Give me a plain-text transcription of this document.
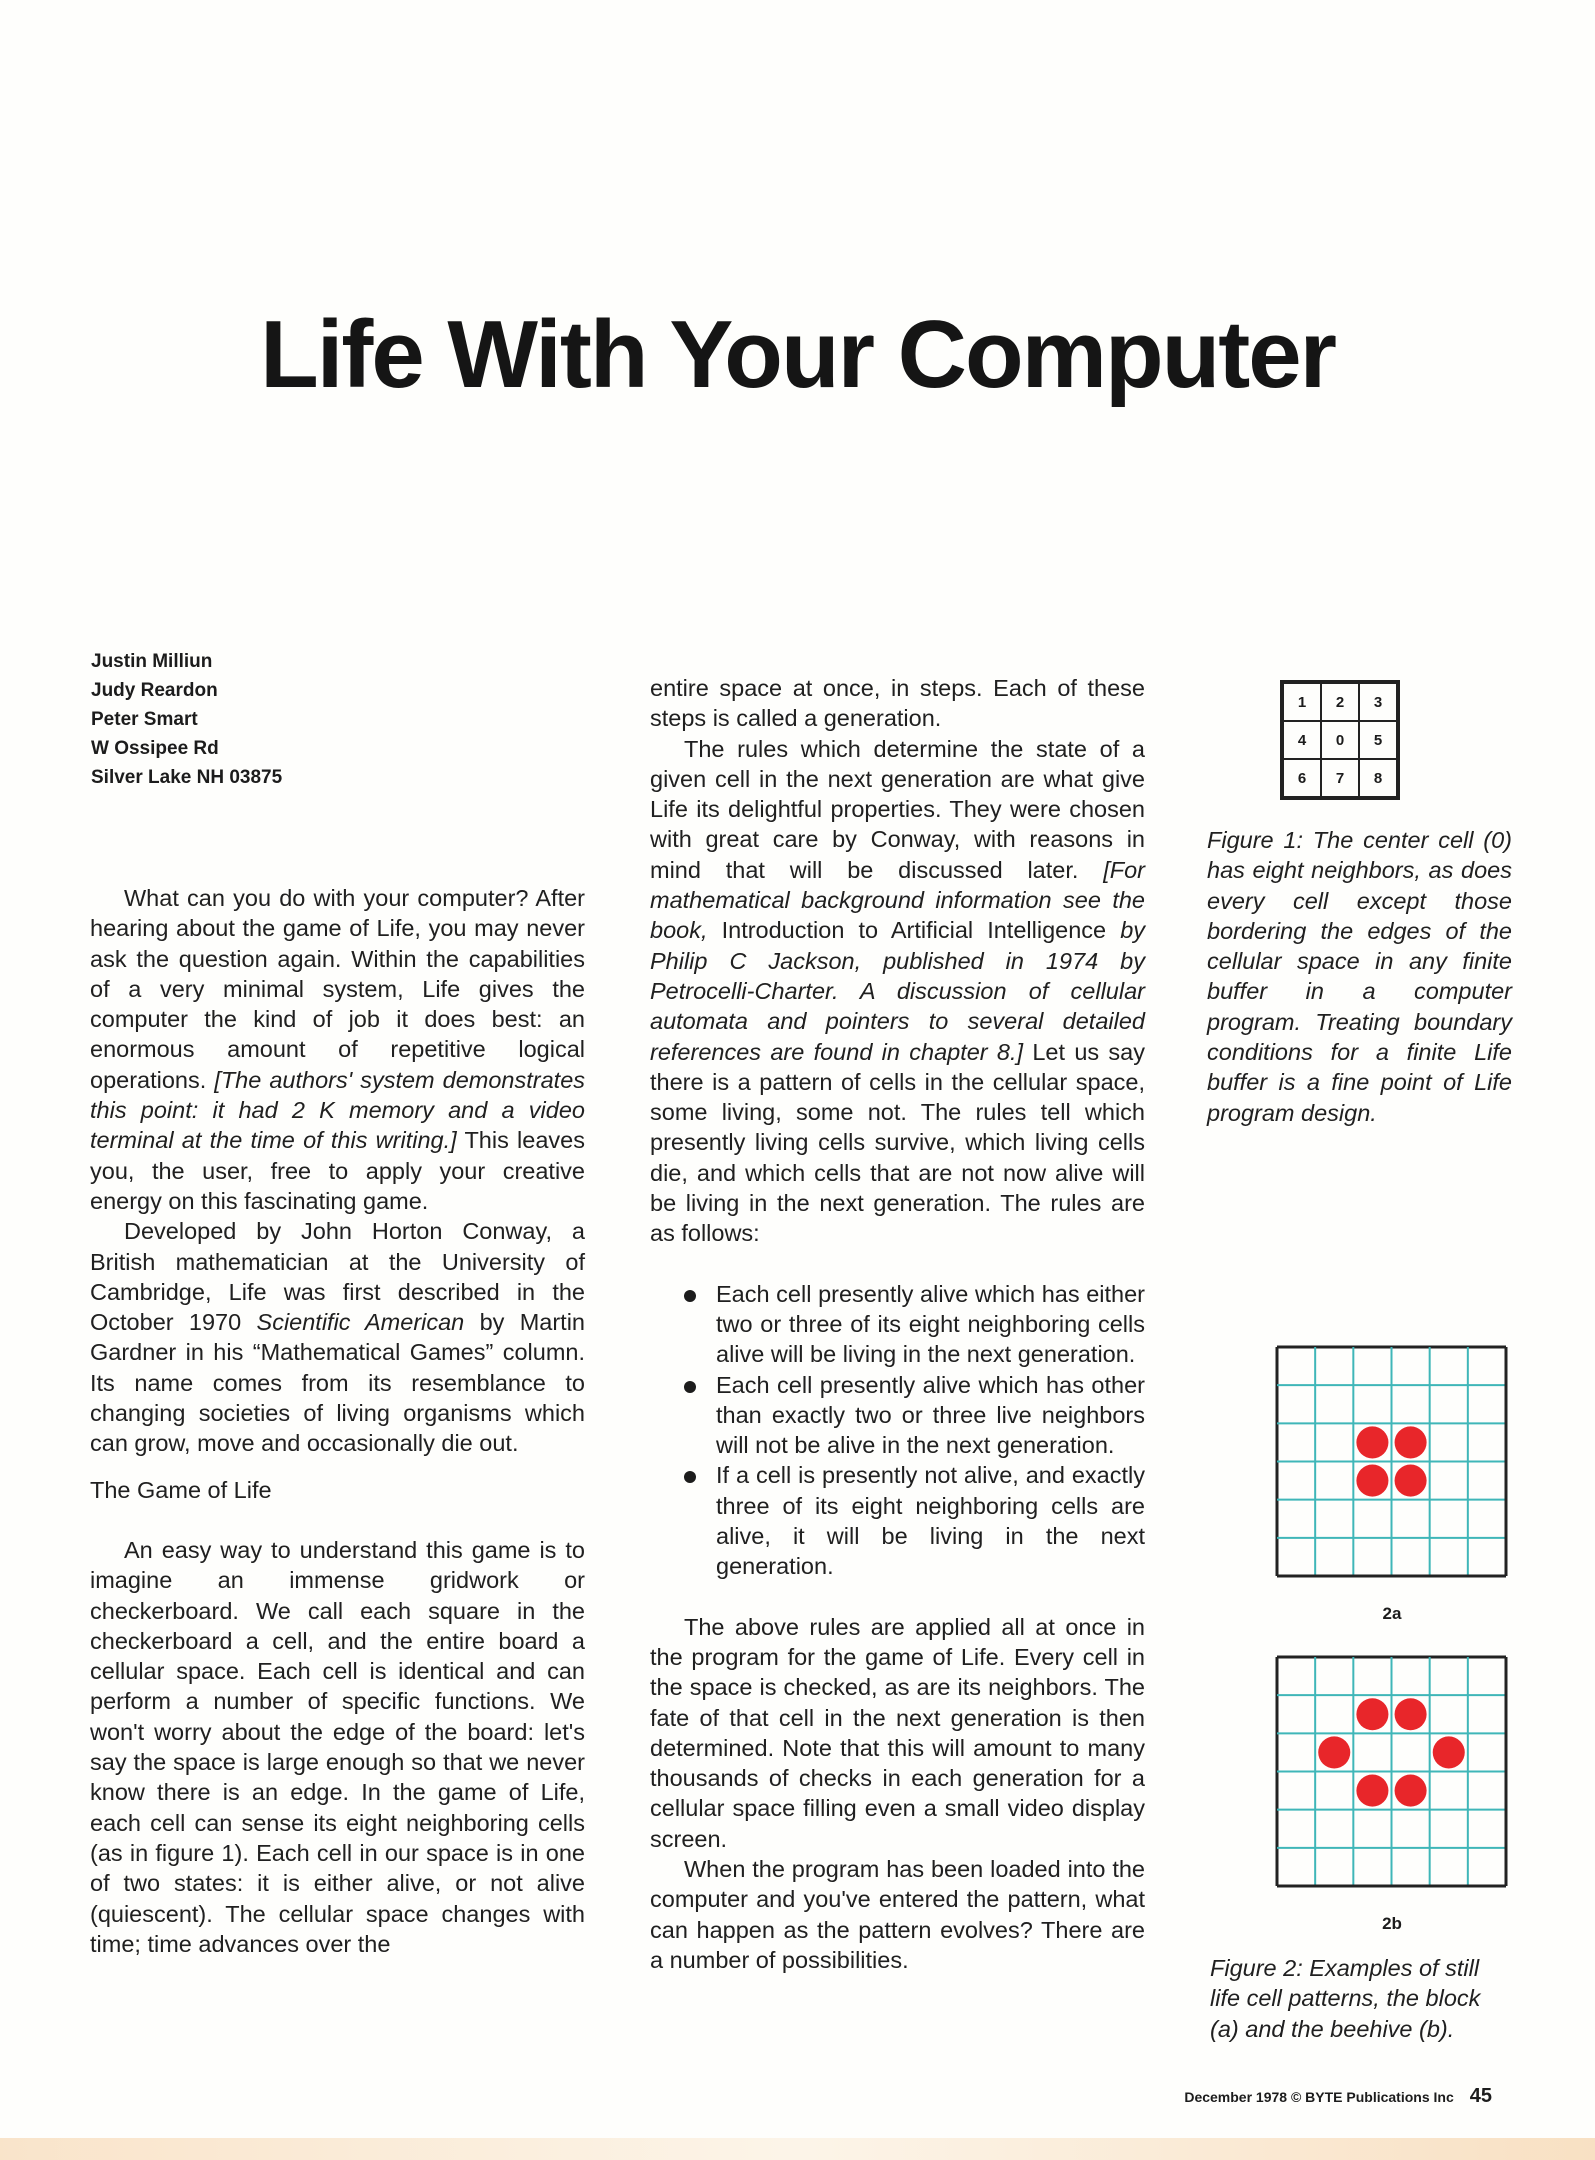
Life With Your Computer
Justin Milliun
Judy Reardon
Peter Smart
W Ossipee Rd
Silver Lake NH 03875

What can you do with your computer? After hearing about the game of Life, you may never ask the question again. Within the capabilities of a very minimal system, Life gives the computer the kind of job it does best: an enormous amount of repetitive logical operations. [The authors' system demonstrates this point: it had 2 K memory and a video terminal at the time of this writing.] This leaves you, the user, free to apply your creative energy on this fascinating game.

Developed by John Horton Conway, a British mathematician at the University of Cambridge, Life was first described in the October 1970 Scientific American by Martin Gardner in his “Mathematical Games” column. Its name comes from its resemblance to changing societies of living organisms which can grow, move and occasionally die out.

The Game of Life

An easy way to understand this game is to imagine an immense gridwork or checkerboard. We call each square in the checkerboard a cell, and the entire board a cellular space. Each cell is identical and can perform a number of specific functions. We won't worry about the edge of the board: let's say the space is large enough so that we never know there is an edge. In the game of Life, each cell can sense its eight neighboring cells (as in figure 1). Each cell in our space is in one of two states: it is either alive, or not alive (quiescent). The cellular space changes with time; time advances over the

entire space at once, in steps. Each of these steps is called a generation.

The rules which determine the state of a given cell in the next generation are what give Life its delightful properties. They were chosen with great care by Conway, with reasons in mind that will be discussed later. [For mathematical background information see the book, Introduction to Artificial Intelligence by Philip C Jackson, published in 1974 by Petrocelli-Charter. A discussion of cellular automata and pointers to several detailed references are found in chapter 8.] Let us say there is a pattern of cells in the cellular space, some living, some not. The rules tell which presently living cells survive, which living cells die, and which cells that are not now alive will be living in the next generation. The rules are as follows:

Each cell presently alive which has either two or three of its eight neighboring cells alive will be living in the next generation.
Each cell presently alive which has other than exactly two or three live neighbors will not be alive in the next generation.
If a cell is presently not alive, and exactly three of its eight neighboring cells are alive, it will be living in the next generation.

The above rules are applied all at once in the program for the game of Life. Every cell in the space is checked, as are its neighbors. The fate of that cell in the next generation is then determined. Note that this will amount to many thousands of checks in each generation for a cellular space filling even a small video display screen.

When the program has been loaded into the computer and you've entered the pattern, what can happen as the pattern evolves? There are a number of possibilities.

1	2	3
4	0	5
6	7	8
Figure 1: The center cell (0) has eight neighbors, as does every cell except those bordering the edges of the cellular space in any finite buffer in a computer program. Treating boundary conditions for a finite Life buffer is a fine point of Life program design.
2a
2b
Figure 2: Examples of still life cell patterns, the block (a) and the beehive (b).
December 1978 © BYTE Publications Inc 45
